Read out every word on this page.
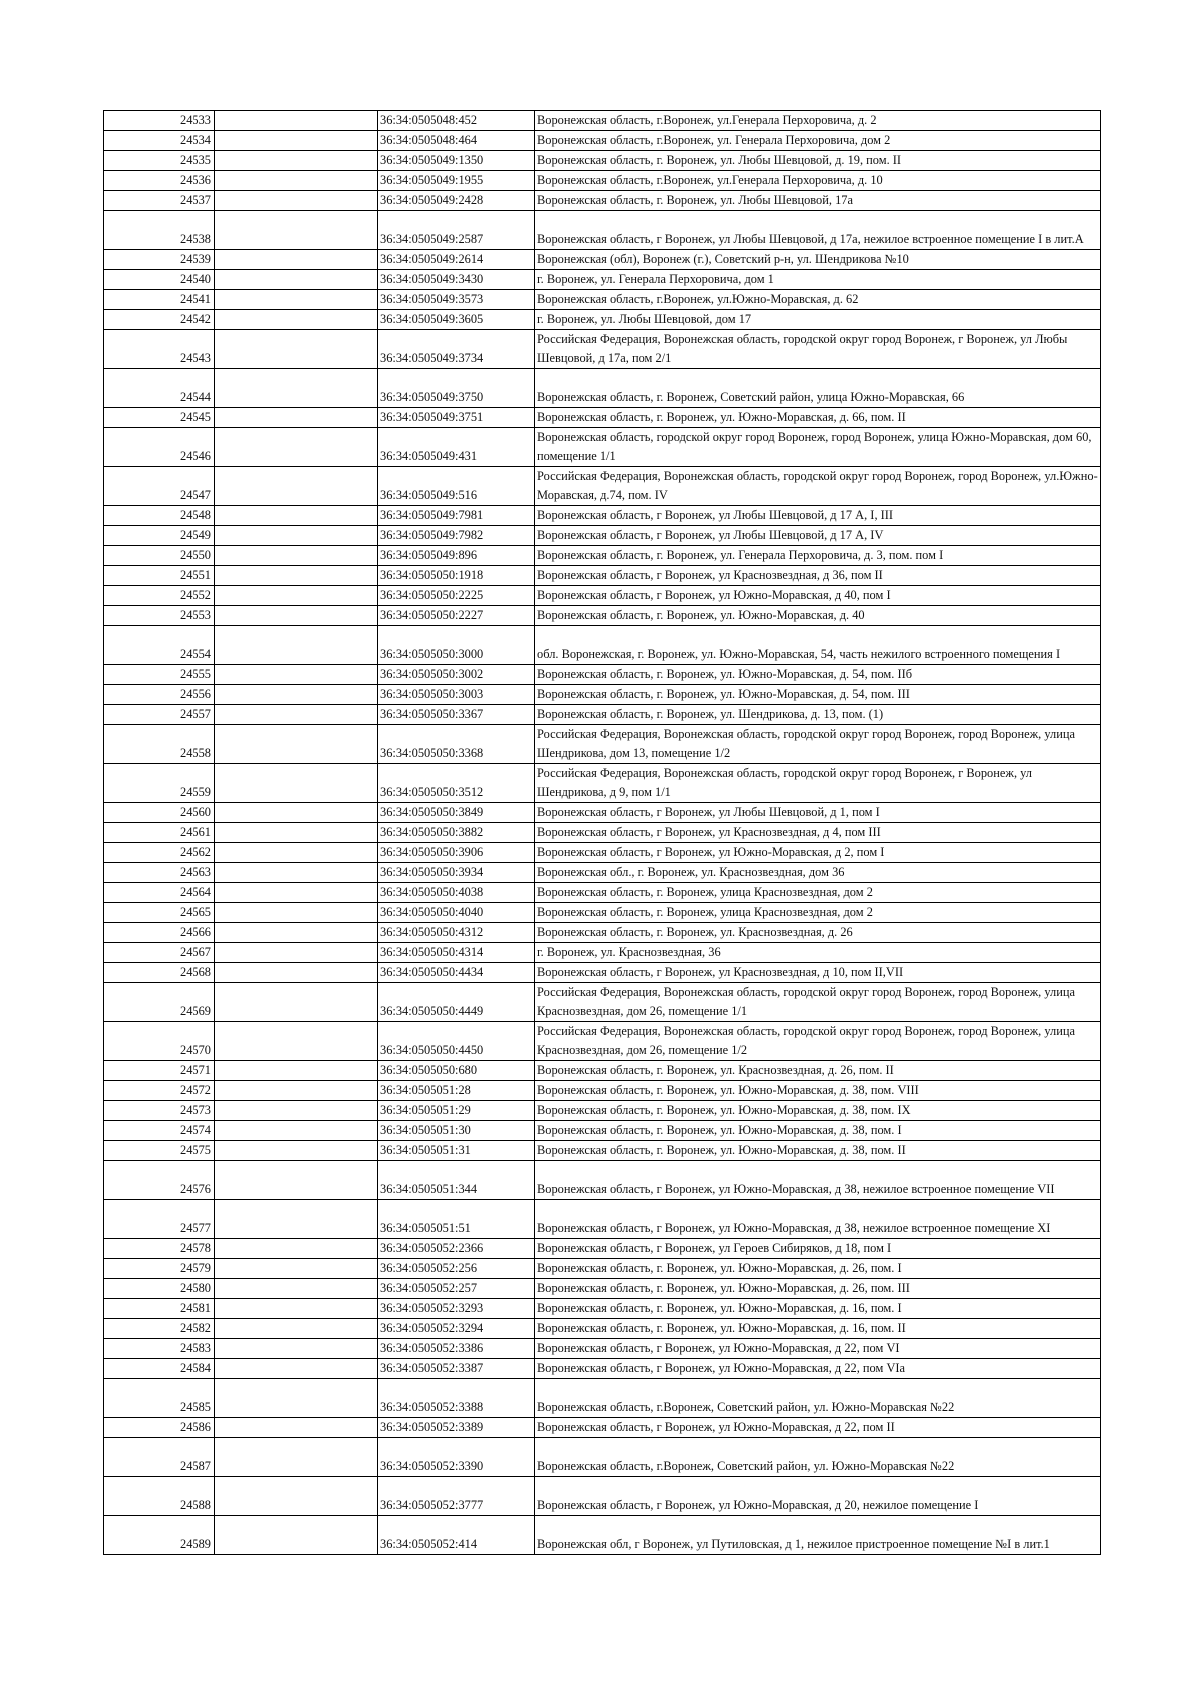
24533		36:34:0505048:452	Воронежская область, г.Воронеж, ул.Генерала Перхоровича, д. 2
24534		36:34:0505048:464	Воронежская область, г.Воронеж, ул. Генерала Перхоровича, дом 2
24535		36:34:0505049:1350	Воронежская область, г. Воронеж, ул. Любы Шевцовой, д. 19, пом. II
24536		36:34:0505049:1955	Воронежская область, г.Воронеж, ул.Генерала Перхоровича, д. 10
24537		36:34:0505049:2428	Воронежская область, г. Воронеж, ул. Любы Шевцовой, 17а
24538		36:34:0505049:2587	Воронежская область, г Воронеж, ул Любы Шевцовой, д 17а, нежилое встроенное помещение I в лит.А
24539		36:34:0505049:2614	Воронежская (обл), Воронеж (г.), Советский р-н, ул. Шендрикова №10
24540		36:34:0505049:3430	г. Воронеж, ул. Генерала Перхоровича, дом 1
24541		36:34:0505049:3573	Воронежская область, г.Воронеж, ул.Южно-Моравская, д. 62
24542		36:34:0505049:3605	г. Воронеж, ул. Любы Шевцовой, дом 17
24543		36:34:0505049:3734	Российская Федерация, Воронежская область, городской округ город Воронеж, г Воронеж, ул Любы Шевцовой, д 17а, пом 2/1
24544		36:34:0505049:3750	Воронежская область, г. Воронеж, Советский район, улица Южно-Моравская, 66
24545		36:34:0505049:3751	Воронежская область, г. Воронеж, ул. Южно-Моравская, д. 66, пом. II
24546		36:34:0505049:431	Воронежская область, городской округ город Воронеж, город Воронеж, улица Южно-Моравская, дом 60, помещение 1/1
24547		36:34:0505049:516	Российская Федерация, Воронежская область, городской округ город Воронеж, город Воронеж, ул.Южно-Моравская, д.74, пом. IV
24548		36:34:0505049:7981	Воронежская область, г Воронеж, ул Любы Шевцовой, д 17 А, I, III
24549		36:34:0505049:7982	Воронежская область, г Воронеж, ул Любы Шевцовой, д 17 А, IV
24550		36:34:0505049:896	Воронежская область, г. Воронеж, ул. Генерала Перхоровича, д. 3, пом. пом I
24551		36:34:0505050:1918	Воронежская область, г Воронеж, ул Краснозвездная, д 36, пом II
24552		36:34:0505050:2225	Воронежская область, г Воронеж, ул Южно-Моравская, д 40, пом I
24553		36:34:0505050:2227	Воронежская область, г. Воронеж, ул. Южно-Моравская, д. 40
24554		36:34:0505050:3000	обл. Воронежская, г. Воронеж, ул. Южно-Моравская, 54, часть нежилого встроенного помещения I
24555		36:34:0505050:3002	Воронежская область, г. Воронеж, ул. Южно-Моравская, д. 54, пом. IIб
24556		36:34:0505050:3003	Воронежская область, г. Воронеж, ул. Южно-Моравская, д. 54, пом. III
24557		36:34:0505050:3367	Воронежская область, г. Воронеж, ул. Шендрикова, д. 13, пом. (1)
24558		36:34:0505050:3368	Российская Федерация, Воронежская область, городской округ город Воронеж, город Воронеж, улица Шендрикова, дом 13, помещение 1/2
24559		36:34:0505050:3512	Российская Федерация, Воронежская область, городской округ город Воронеж, г Воронеж, ул Шендрикова, д 9, пом 1/1
24560		36:34:0505050:3849	Воронежская область, г Воронеж, ул Любы Шевцовой, д 1, пом I
24561		36:34:0505050:3882	Воронежская область, г Воронеж, ул Краснозвездная, д 4, пом III
24562		36:34:0505050:3906	Воронежская область, г Воронеж, ул Южно-Моравская, д 2, пом I
24563		36:34:0505050:3934	Воронежская обл., г. Воронеж, ул. Краснозвездная, дом 36
24564		36:34:0505050:4038	Воронежская область, г. Воронеж, улица Краснозвездная, дом 2
24565		36:34:0505050:4040	Воронежская область, г. Воронеж, улица Краснозвездная, дом 2
24566		36:34:0505050:4312	Воронежская область, г. Воронеж, ул. Краснозвездная, д. 26
24567		36:34:0505050:4314	г. Воронеж, ул. Краснозвездная, 36
24568		36:34:0505050:4434	Воронежская область, г Воронеж, ул Краснозвездная, д 10, пом II,VII
24569		36:34:0505050:4449	Российская Федерация, Воронежская область, городской округ город Воронеж, город Воронеж, улица Краснозвездная, дом 26, помещение 1/1
24570		36:34:0505050:4450	Российская Федерация, Воронежская область, городской округ город Воронеж, город Воронеж, улица Краснозвездная, дом 26, помещение 1/2
24571		36:34:0505050:680	Воронежская область, г. Воронеж, ул. Краснозвездная, д. 26, пом. II
24572		36:34:0505051:28	Воронежская область, г. Воронеж, ул. Южно-Моравская, д. 38, пом. VIII
24573		36:34:0505051:29	Воронежская область, г. Воронеж, ул. Южно-Моравская, д. 38, пом. IX
24574		36:34:0505051:30	Воронежская область, г. Воронеж, ул. Южно-Моравская, д. 38, пом. I
24575		36:34:0505051:31	Воронежская область, г. Воронеж, ул. Южно-Моравская, д. 38, пом. II
24576		36:34:0505051:344	Воронежская область, г Воронеж, ул Южно-Моравская, д 38, нежилое встроенное помещение VII
24577		36:34:0505051:51	Воронежская область, г Воронеж, ул Южно-Моравская, д 38, нежилое встроенное помещение XI
24578		36:34:0505052:2366	Воронежская область, г Воронеж, ул Героев Сибиряков, д 18, пом I
24579		36:34:0505052:256	Воронежская область, г. Воронеж, ул. Южно-Моравская, д. 26, пом. I
24580		36:34:0505052:257	Воронежская область, г. Воронеж, ул. Южно-Моравская, д. 26, пом. III
24581		36:34:0505052:3293	Воронежская область, г. Воронеж, ул. Южно-Моравская, д. 16, пом. I
24582		36:34:0505052:3294	Воронежская область, г. Воронеж, ул. Южно-Моравская, д. 16, пом. II
24583		36:34:0505052:3386	Воронежская область, г Воронеж, ул Южно-Моравская, д 22, пом VI
24584		36:34:0505052:3387	Воронежская область, г Воронеж, ул Южно-Моравская, д 22, пом VIа
24585		36:34:0505052:3388	Воронежская область, г.Воронеж, Советский район, ул. Южно-Моравская №22
24586		36:34:0505052:3389	Воронежская область, г Воронеж, ул Южно-Моравская, д 22, пом II
24587		36:34:0505052:3390	Воронежская область, г.Воронеж, Советский район, ул. Южно-Моравская №22
24588		36:34:0505052:3777	Воронежская область, г Воронеж, ул Южно-Моравская, д 20, нежилое помещение I
24589		36:34:0505052:414	Воронежская обл, г Воронеж, ул Путиловская, д 1, нежилое пристроенное помещение №I в лит.1
